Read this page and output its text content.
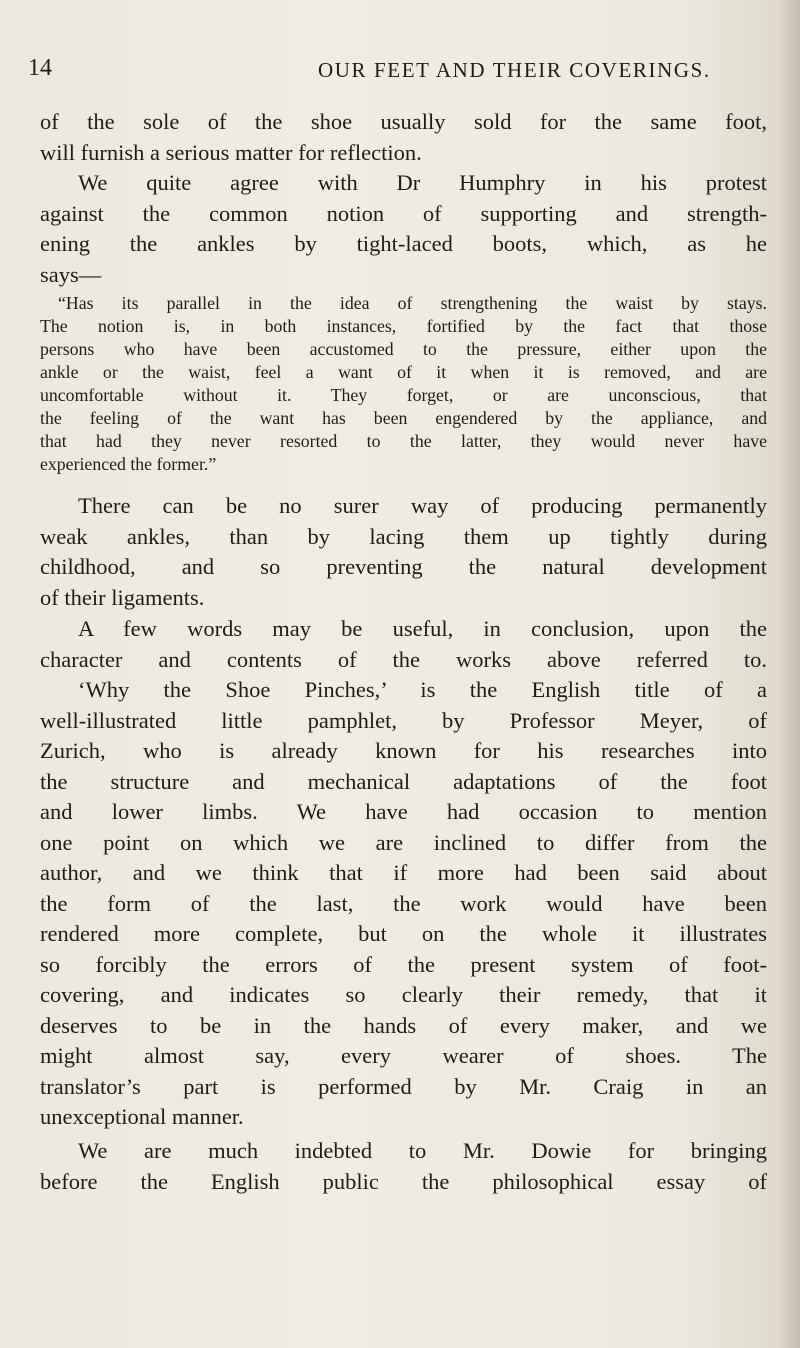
14	OUR FEET AND THEIR COVERINGS.
of the sole of the shoe usually sold for the same foot,
will furnish a serious matter for reflection.
We quite agree with Dr Humphry in his protest
against the common notion of supporting and strength-
ening the ankles by tight-laced boots, which, as he
says—
“Has its parallel in the idea of strengthening the waist by stays.
The notion is, in both instances, fortified by the fact that those
persons who have been accustomed to the pressure, either upon the
ankle or the waist, feel a want of it when it is removed, and are
uncomfortable without it. They forget, or are unconscious, that
the feeling of the want has been engendered by the appliance, and
that had they never resorted to the latter, they would never have
experienced the former.”
There can be no surer way of producing permanently
weak ankles, than by lacing them up tightly during
childhood, and so preventing the natural development
of their ligaments.
A few words may be useful, in conclusion, upon the
character and contents of the works above referred to.
‘Why the Shoe Pinches,’ is the English title of a
well-illustrated little pamphlet, by Professor Meyer, of
Zurich, who is already known for his researches into
the structure and mechanical adaptations of the foot
and lower limbs. We have had occasion to mention
one point on which we are inclined to differ from the
author, and we think that if more had been said about
the form of the last, the work would have been
rendered more complete, but on the whole it illustrates
so forcibly the errors of the present system of foot-
covering, and indicates so clearly their remedy, that it
deserves to be in the hands of every maker, and we
might almost say, every wearer of shoes. The
translator’s part is performed by Mr. Craig in an
unexceptional manner.
We are much indebted to Mr. Dowie for bringing
before the English public the philosophical essay of
